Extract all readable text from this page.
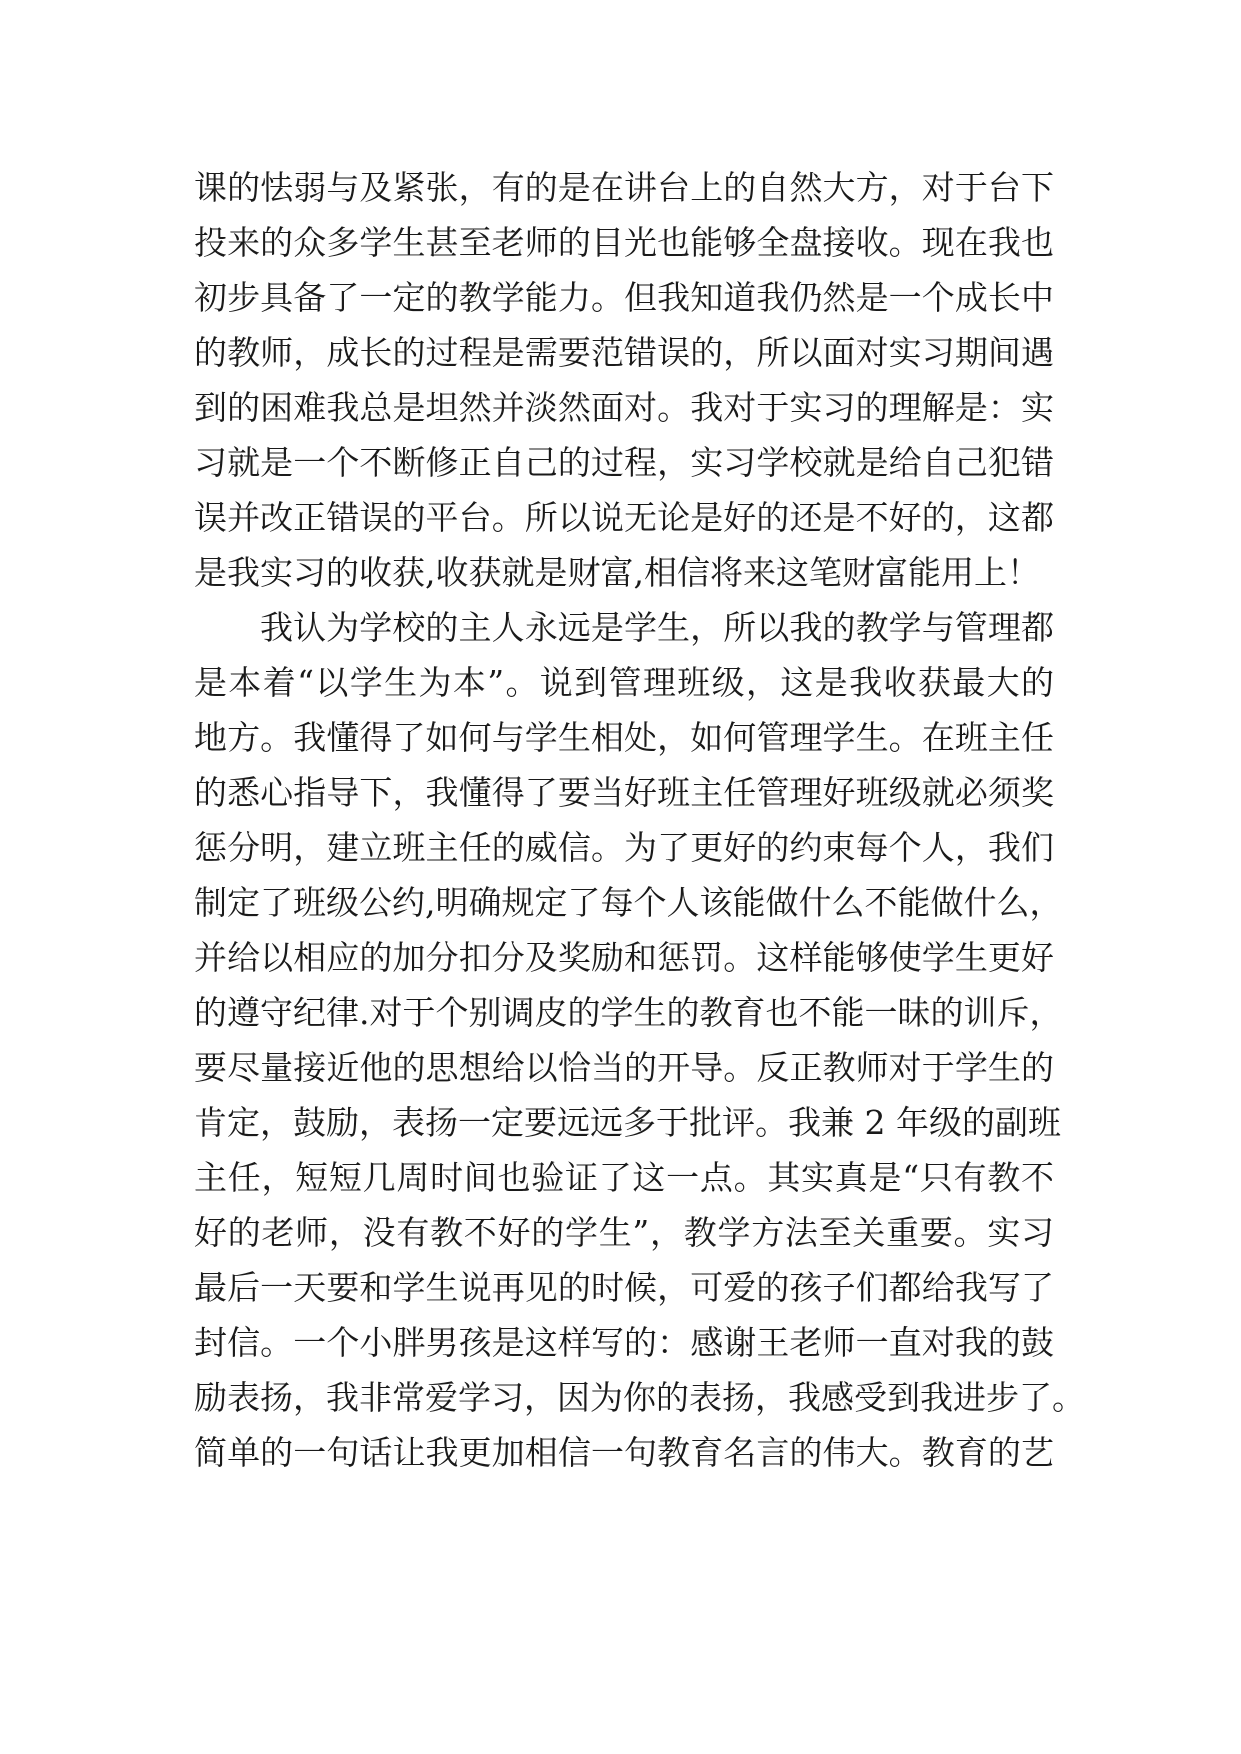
课的怯弱与及紧张，有的是在讲台上的自然大方，对于台下
投来的众多学生甚至老师的目光也能够全盘接收。现在我也
初步具备了一定的教学能力。但我知道我仍然是一个成长中
的教师，成长的过程是需要范错误的，所以面对实习期间遇
到的困难我总是坦然并淡然面对。我对于实习的理解是：实
习就是一个不断修正自己的过程，实习学校就是给自己犯错
误并改正错误的平台。所以说无论是好的还是不好的，这都
是我实习的收获,收获就是财富,相信将来这笔财富能用上！
我认为学校的主人永远是学生，所以我的教学与管理都
是本着“以学生为本”。说到管理班级，这是我收获最大的
地方。我懂得了如何与学生相处，如何管理学生。在班主任
的悉心指导下，我懂得了要当好班主任管理好班级就必须奖
惩分明，建立班主任的威信。为了更好的约束每个人，我们
制定了班级公约,明确规定了每个人该能做什么不能做什么，
并给以相应的加分扣分及奖励和惩罚。这样能够使学生更好
的遵守纪律.对于个别调皮的学生的教育也不能一昧的训斥，
要尽量接近他的思想给以恰当的开导。反正教师对于学生的
肯定，鼓励，表扬一定要远远多于批评。我兼 2 年级的副班
主任，短短几周时间也验证了这一点。其实真是“只有教不
好的老师，没有教不好的学生”，教学方法至关重要。实习
最后一天要和学生说再见的时候，可爱的孩子们都给我写了
封信。一个小胖男孩是这样写的：感谢王老师一直对我的鼓
励表扬，我非常爱学习，因为你的表扬，我感受到我进步了。
简单的一句话让我更加相信一句教育名言的伟大。教育的艺
